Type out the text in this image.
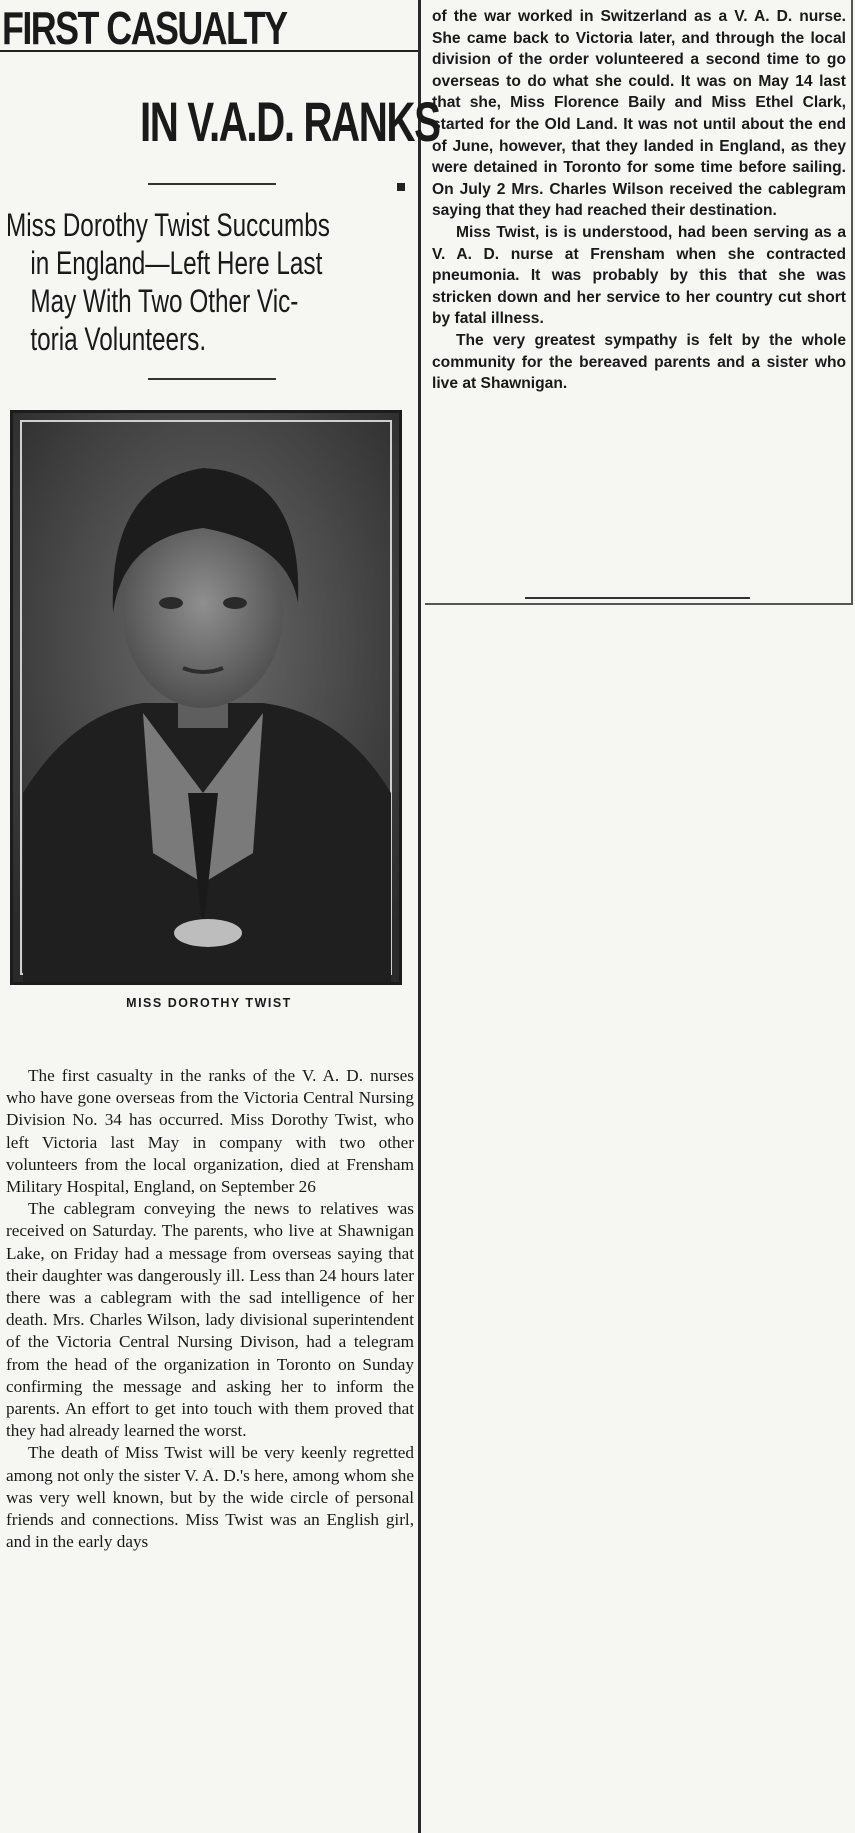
FIRST CASUALTY
IN V.A.D. RANKS
Miss Dorothy Twist Succumbs
in England—Left Here Last
May With Two Other Vic-
toria Volunteers.
MISS DOROTHY TWIST

The first casualty in the ranks of the V. A. D. nurses who have gone overseas from the Victoria Central Nursing Division No. 34 has occurred. Miss Dorothy Twist, who left Victoria last May in company with two other volunteers from the local organization, died at Frensham Military Hospital, England, on September 26

The cablegram conveying the news to relatives was received on Saturday. The parents, who live at Shawnigan Lake, on Friday had a message from overseas saying that their daughter was dangerously ill. Less than 24 hours later there was a cablegram with the sad intelligence of her death. Mrs. Charles Wilson, lady divisional superintendent of the Victoria Central Nursing Divison, had a telegram from the head of the organization in Toronto on Sunday confirming the message and asking her to inform the parents. An effort to get into touch with them proved that they had already learned the worst.

The death of Miss Twist will be very keenly regretted among not only the sister V. A. D.'s here, among whom she was very well known, but by the wide circle of personal friends and connections. Miss Twist was an English girl, and in the early days

of the war worked in Switzerland as a V. A. D. nurse. She came back to Victoria later, and through the local division of the order volunteered a second time to go overseas to do what she could. It was on May 14 last that she, Miss Florence Baily and Miss Ethel Clark, started for the Old Land. It was not until about the end of June, however, that they landed in England, as they were detained in Toronto for some time before sailing. On July 2 Mrs. Charles Wilson received the cablegram saying that they had reached their destination.

Miss Twist, is is understood, had been serving as a V. A. D. nurse at Frensham when she contracted pneumonia. It was probably by this that she was stricken down and her service to her country cut short by fatal illness.

The very greatest sympathy is felt by the whole community for the bereaved parents and a sister who live at Shawnigan.
